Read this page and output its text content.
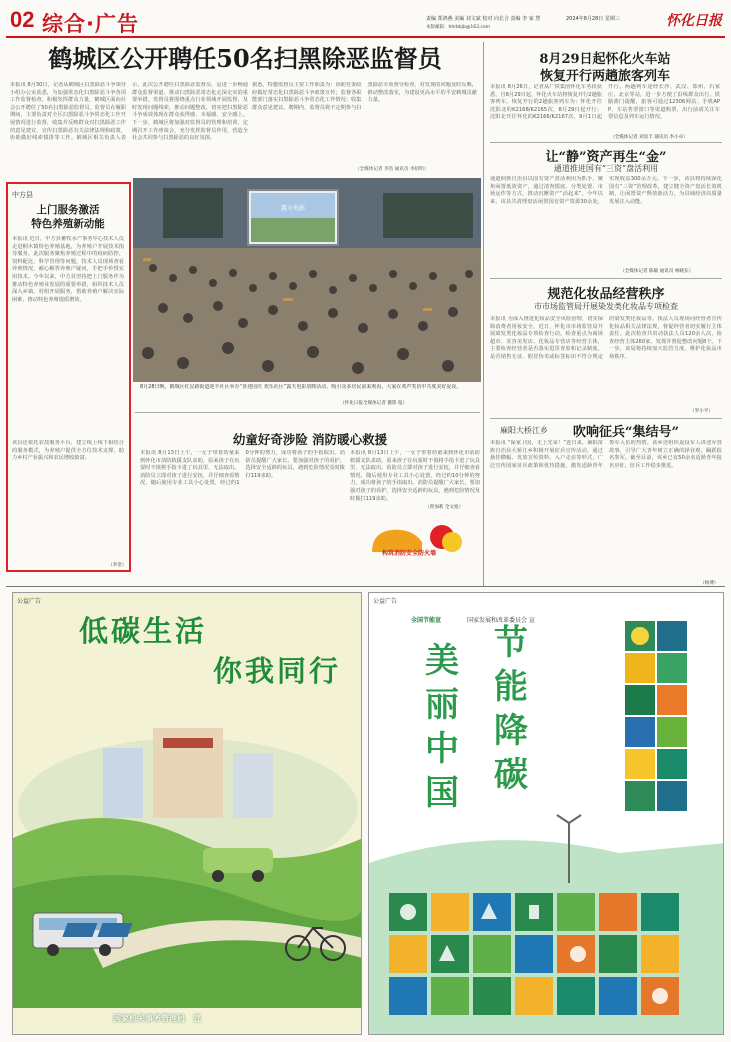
02 综合·广告	责编 郑鸿燕 美编 刘文斌 校对 向长合 责编 李 家 慧	2024年8月28日 星期三
本版邮箱：hhrbbjb@163.com	怀化日报
鹤城区公开聘任50名扫黑除恶监督员
本报讯 8月30日，记者从鹤城区扫黑除恶斗争领导小组办公室获悉，为加强常态化扫黑除恶斗争各项工作监督检查，积极发挥群众力量，鹤城区面向社会公开聘任了50名扫黑除恶监督员。监督员在履职期间，主要负责对全区扫黑除恶斗争常态化工作开展情况进行监督，收集并反映群众对扫黑除恶工作的意见建议，宣传扫黑除恶有关法律法规和政策，协助做好线索摸排等工作。鹤城区相关负责人表示，此次公开聘任扫黑除恶监督员，是进一步畅通群众监督渠道、推动扫黑除恶常态化走深走实的重要举措。监督员将围绕重点行业领域开展监督，及时发现问题线索，推动问题整改，切实把扫黑除恶斗争成效体现在群众获得感、幸福感、安全感上。下一步，鹤城区将加强对监督员的管理和培训，定期召开工作座谈会，充分发挥监督员作用，营造全社会共同参与扫黑除恶的良好氛围。
据悉，特邀监督员主要工作职责为：协助党委政府做好常态化扫黑除恶斗争政策宣传；监督各职能部门落实扫黑除恶斗争常态化工作情况；收集群众意见建议。聘期内，监督员将不定期参与扫黑除恶专项督导检查，对发现的问题及时反映，推动整改落实，为建设更高水平的平安鹤城贡献力量。
（全媒体记者 李浩 通讯员 李绍明）
8月29日起怀化火车站
恢复开行两趟旅客列车
本报讯 8月26日，记者从广铁集团怀化车务段获悉，自8月29日起，怀化火车站将恢复开行2趟旅客列车。恢复开行的2趟旅客列车为：怀化开往沈阳北的K2168/K2165次，8月29日起开行；沈阳北开往怀化的K2166/K2167次，9月1日起开行。两趟列车途经长沙、武汉、郑州、石家庄、北京等站，进一步方便了沿线群众出行。铁路部门提醒，旅客可通过12306网站、手机APP、车站售票窗口等渠道购票，出行前请关注车票信息及列车运行情况。
（全媒体记者 刘显丰 通讯员 李小卓）
让“静”资产再生“金”
通道推进国有“三资”盘活利用
通道侗族自治县以国有资产盘活利用为抓手，聚焦闲置低效资产，通过清查摸底、分类处置、市场运作等方式，推动沉睡资产“活起来”。今年以来，该县共清理盘活闲置国有资产资源30余处，实现收益300余万元。下一步，该县将持续深化国有“三资”管理改革，建立健全资产盘活长效机制，让闲置资产释放新活力，为县域经济高质量发展注入动能。
（全媒体记者 陈敏 通讯员 林晓东）
规范化妆品经营秩序
市市场监管局开展染发类化妆品专项检查
本报讯 为深入推进化妆品安全风险治理，切实保障消费者用妆安全，近日，怀化市市场监管局开展染发类化妆品专项检查行动。检查重点为商场超市、美容美发店、化妆品专营店等经营主体，主要检查经营者是否落实进货查验和记录制度，是否销售无证、假冒伪劣或标签标识不符合规定的染发类化妆品等。执法人员现场向经营者宣传化妆品相关法律法规，督促经营者切实履行主体责任。此次检查共出动执法人员120余人次，检查经营主体260家，发现并督促整改问题8个。下一步，该局将持续加大监管力度，维护化妆品市场秩序。
（罗小平）
麻阳大桥江乡 吹响征兵“集结号”
本报讯 “保家卫国，无上光荣！”连日来，麻阳苗族自治县大桥江乡积极开展征兵宣传活动，通过悬挂横幅、发放宣传资料、入户走访等形式，广泛宣传国家征兵政策和优待措施，激发适龄青年参军入伍的热情。该乡还组织退役军人讲述军营故事，引导广大青年树立正确的择业观，踊跃报名参军。截至目前，该乡已有50余名适龄青年报名应征，征兵工作稳步推进。
（杨博）
中方县
上门服务激活
特色养殖新动能
本报讯 近日，中方县畜牧水产事务中心技术人员走进桐木镇特色养殖基地，为养殖户开展技术指导服务。此次服务聚焦养殖过程中的疫病防控、饲料配比、科学管理等问题，技术人员现场查看养殖情况，耐心解答养殖户疑问，手把手传授实用技术。今年以来，中方县坚持把上门服务作为推动特色养殖业发展的重要举措，组织技术人员深入乡镇、村组开展服务，帮助养殖户解决实际困难，推动特色养殖提质增效。
该县还依托农技服务平台，建立线上线下相结合的服务模式，为养殖户提供全方位技术支撑，助力乡村产业振兴和农民增收致富。
（李金）
露天电影
8月28日晚，鹤城区红星路街道迎丰社区举办“喜迎国庆 欢乐社区”露天电影放映活动，吸引众多居民前来观看，大家在欢声笑语中共度美好夏夜。
（怀化日报全媒体记者 摄影 报）
幼童好奇涉险 消防暖心救援
本报讯 8月13日上午，一女子带着幼童来到怀化市消防救援支队求助，原来孩子在玩耍时不慎将手指卡进了玩具里，无法取出。消防员立即对孩子进行安抚，并仔细查看情况，随后使用专业工具小心处置，经过约10分钟的努力，成功将孩子的手指取出。消防员提醒广大家长，要加强对孩子的看护，选择安全适龄的玩具，遇到危险情况及时拨打119求助。
本报讯 8月13日上午，一女子带着幼童来到怀化市消防救援支队求助，原来孩子在玩耍时不慎将手指卡进了玩具里，无法取出。消防员立即对孩子进行安抚，并仔细查看情况，随后使用专业工具小心处置，经过约10分钟的努力，成功将孩子的手指取出。消防员提醒广大家长，要加强对孩子的看护，选择安全适龄的玩具，遇到危险情况及时拨打119求助。
（曾加莉 全文旭）
构筑消防安全防火墙
公益广告
低碳生活
你我同行
国家机关事务管理局　宣
公益广告
全国节能宣	国家发展和改革委员会 宣
美
丽
中
国
节
能
降
碳
